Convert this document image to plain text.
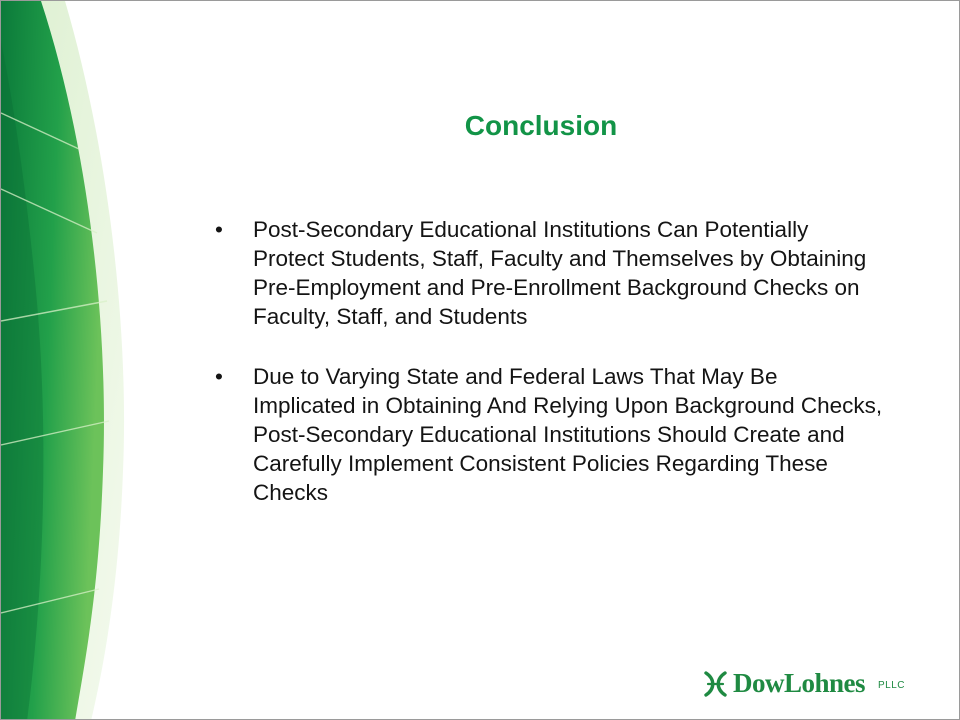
Conclusion
• Post-Secondary Educational Institutions Can Potentially Protect Students, Staff, Faculty and Themselves by Obtaining Pre-Employment and Pre-Enrollment Background Checks on Faculty, Staff, and Students
• Due to Varying State and Federal Laws That May Be Implicated in Obtaining And Relying Upon Background Checks, Post-Secondary Educational Institutions Should Create and Carefully Implement Consistent Policies Regarding These Checks
DowLohnes PLLC
